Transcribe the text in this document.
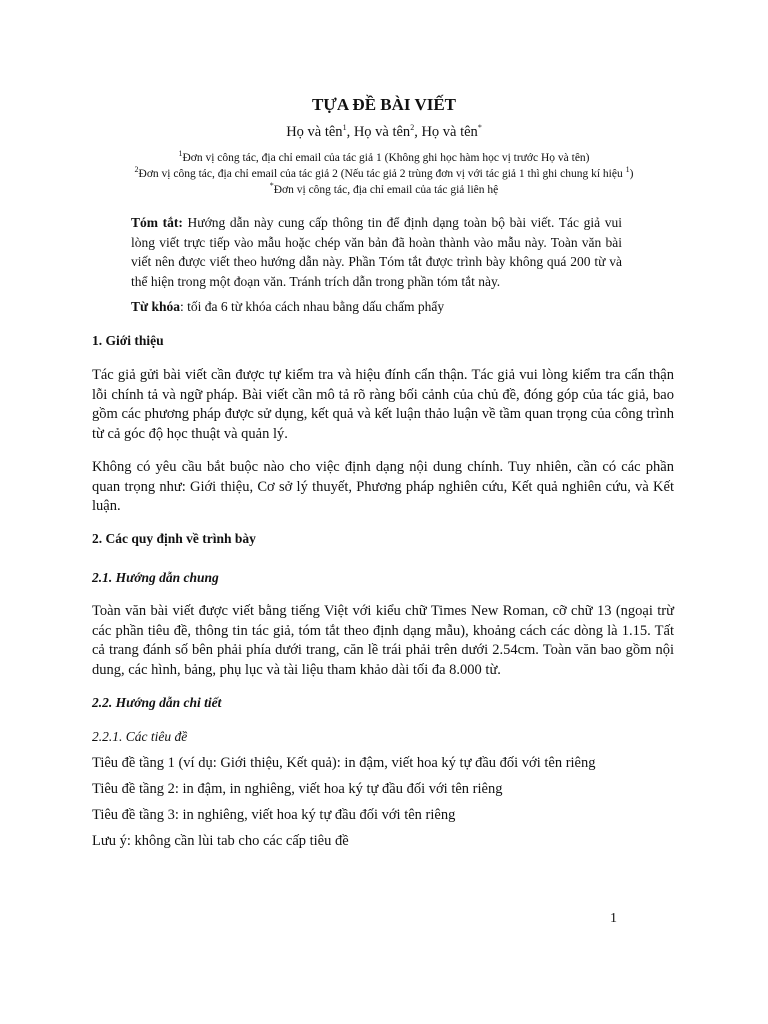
TỰA ĐỀ BÀI VIẾT
Họ và tên$^1$, Họ và tên$^2$, Họ và tên*
$^1$Đơn vị công tác, địa chỉ email của tác giả 1 (Không ghi học hàm học vị trước Họ và tên)
$^2$Đơn vị công tác, địa chỉ email của tác giả 2 (Nếu tác giả 2 trùng đơn vị với tác giả 1 thì ghi chung kí hiệu $^1$)
*Đơn vị công tác, địa chỉ email của tác giả liên hệ

Tóm tắt: Hướng dẫn này cung cấp thông tin để định dạng toàn bộ bài viết. Tác giả vui lòng viết trực tiếp vào mẫu hoặc chép văn bản đã hoàn thành vào mẫu này. Toàn văn bài viết nên được viết theo hướng dẫn này. Phần Tóm tắt được trình bày không quá 200 từ và thể hiện trong một đoạn văn. Tránh trích dẫn trong phần tóm tắt này.

Từ khóa: tối đa 6 từ khóa cách nhau bằng dấu chấm phẩy

1. Giới thiệu

Tác giả gửi bài viết cần được tự kiểm tra và hiệu đính cẩn thận. Tác giả vui lòng kiểm tra cẩn thận lỗi chính tả và ngữ pháp. Bài viết cần mô tả rõ ràng bối cảnh của chủ đề, đóng góp của tác giả, bao gồm các phương pháp được sử dụng, kết quả và kết luận thảo luận về tầm quan trọng của công trình từ cả góc độ học thuật và quản lý.

Không có yêu cầu bắt buộc nào cho việc định dạng nội dung chính. Tuy nhiên, cần có các phần quan trọng như: Giới thiệu, Cơ sở lý thuyết, Phương pháp nghiên cứu, Kết quả nghiên cứu, và Kết luận.

2. Các quy định về trình bày

2.1. Hướng dẫn chung

Toàn văn bài viết được viết bằng tiếng Việt với kiểu chữ Times New Roman, cỡ chữ 13 (ngoại trừ các phần tiêu đề, thông tin tác giả, tóm tắt theo định dạng mẫu), khoảng cách các dòng là 1.15. Tất cả trang đánh số bên phải phía dưới trang, căn lề trái phải trên dưới 2.54cm. Toàn văn bao gồm nội dung, các hình, bảng, phụ lục và tài liệu tham khảo dài tối đa 8.000 từ.

2.2. Hướng dẫn chi tiết

2.2.1. Các tiêu đề

Tiêu đề tầng 1 (ví dụ: Giới thiệu, Kết quả): in đậm, viết hoa ký tự đầu đối với tên riêng

Tiêu đề tầng 2: in đậm, in nghiêng, viết hoa ký tự đầu đối với tên riêng

Tiêu đề tầng 3: in nghiêng, viết hoa ký tự đầu đối với tên riêng

Lưu ý: không cần lùi tab cho các cấp tiêu đề

1
